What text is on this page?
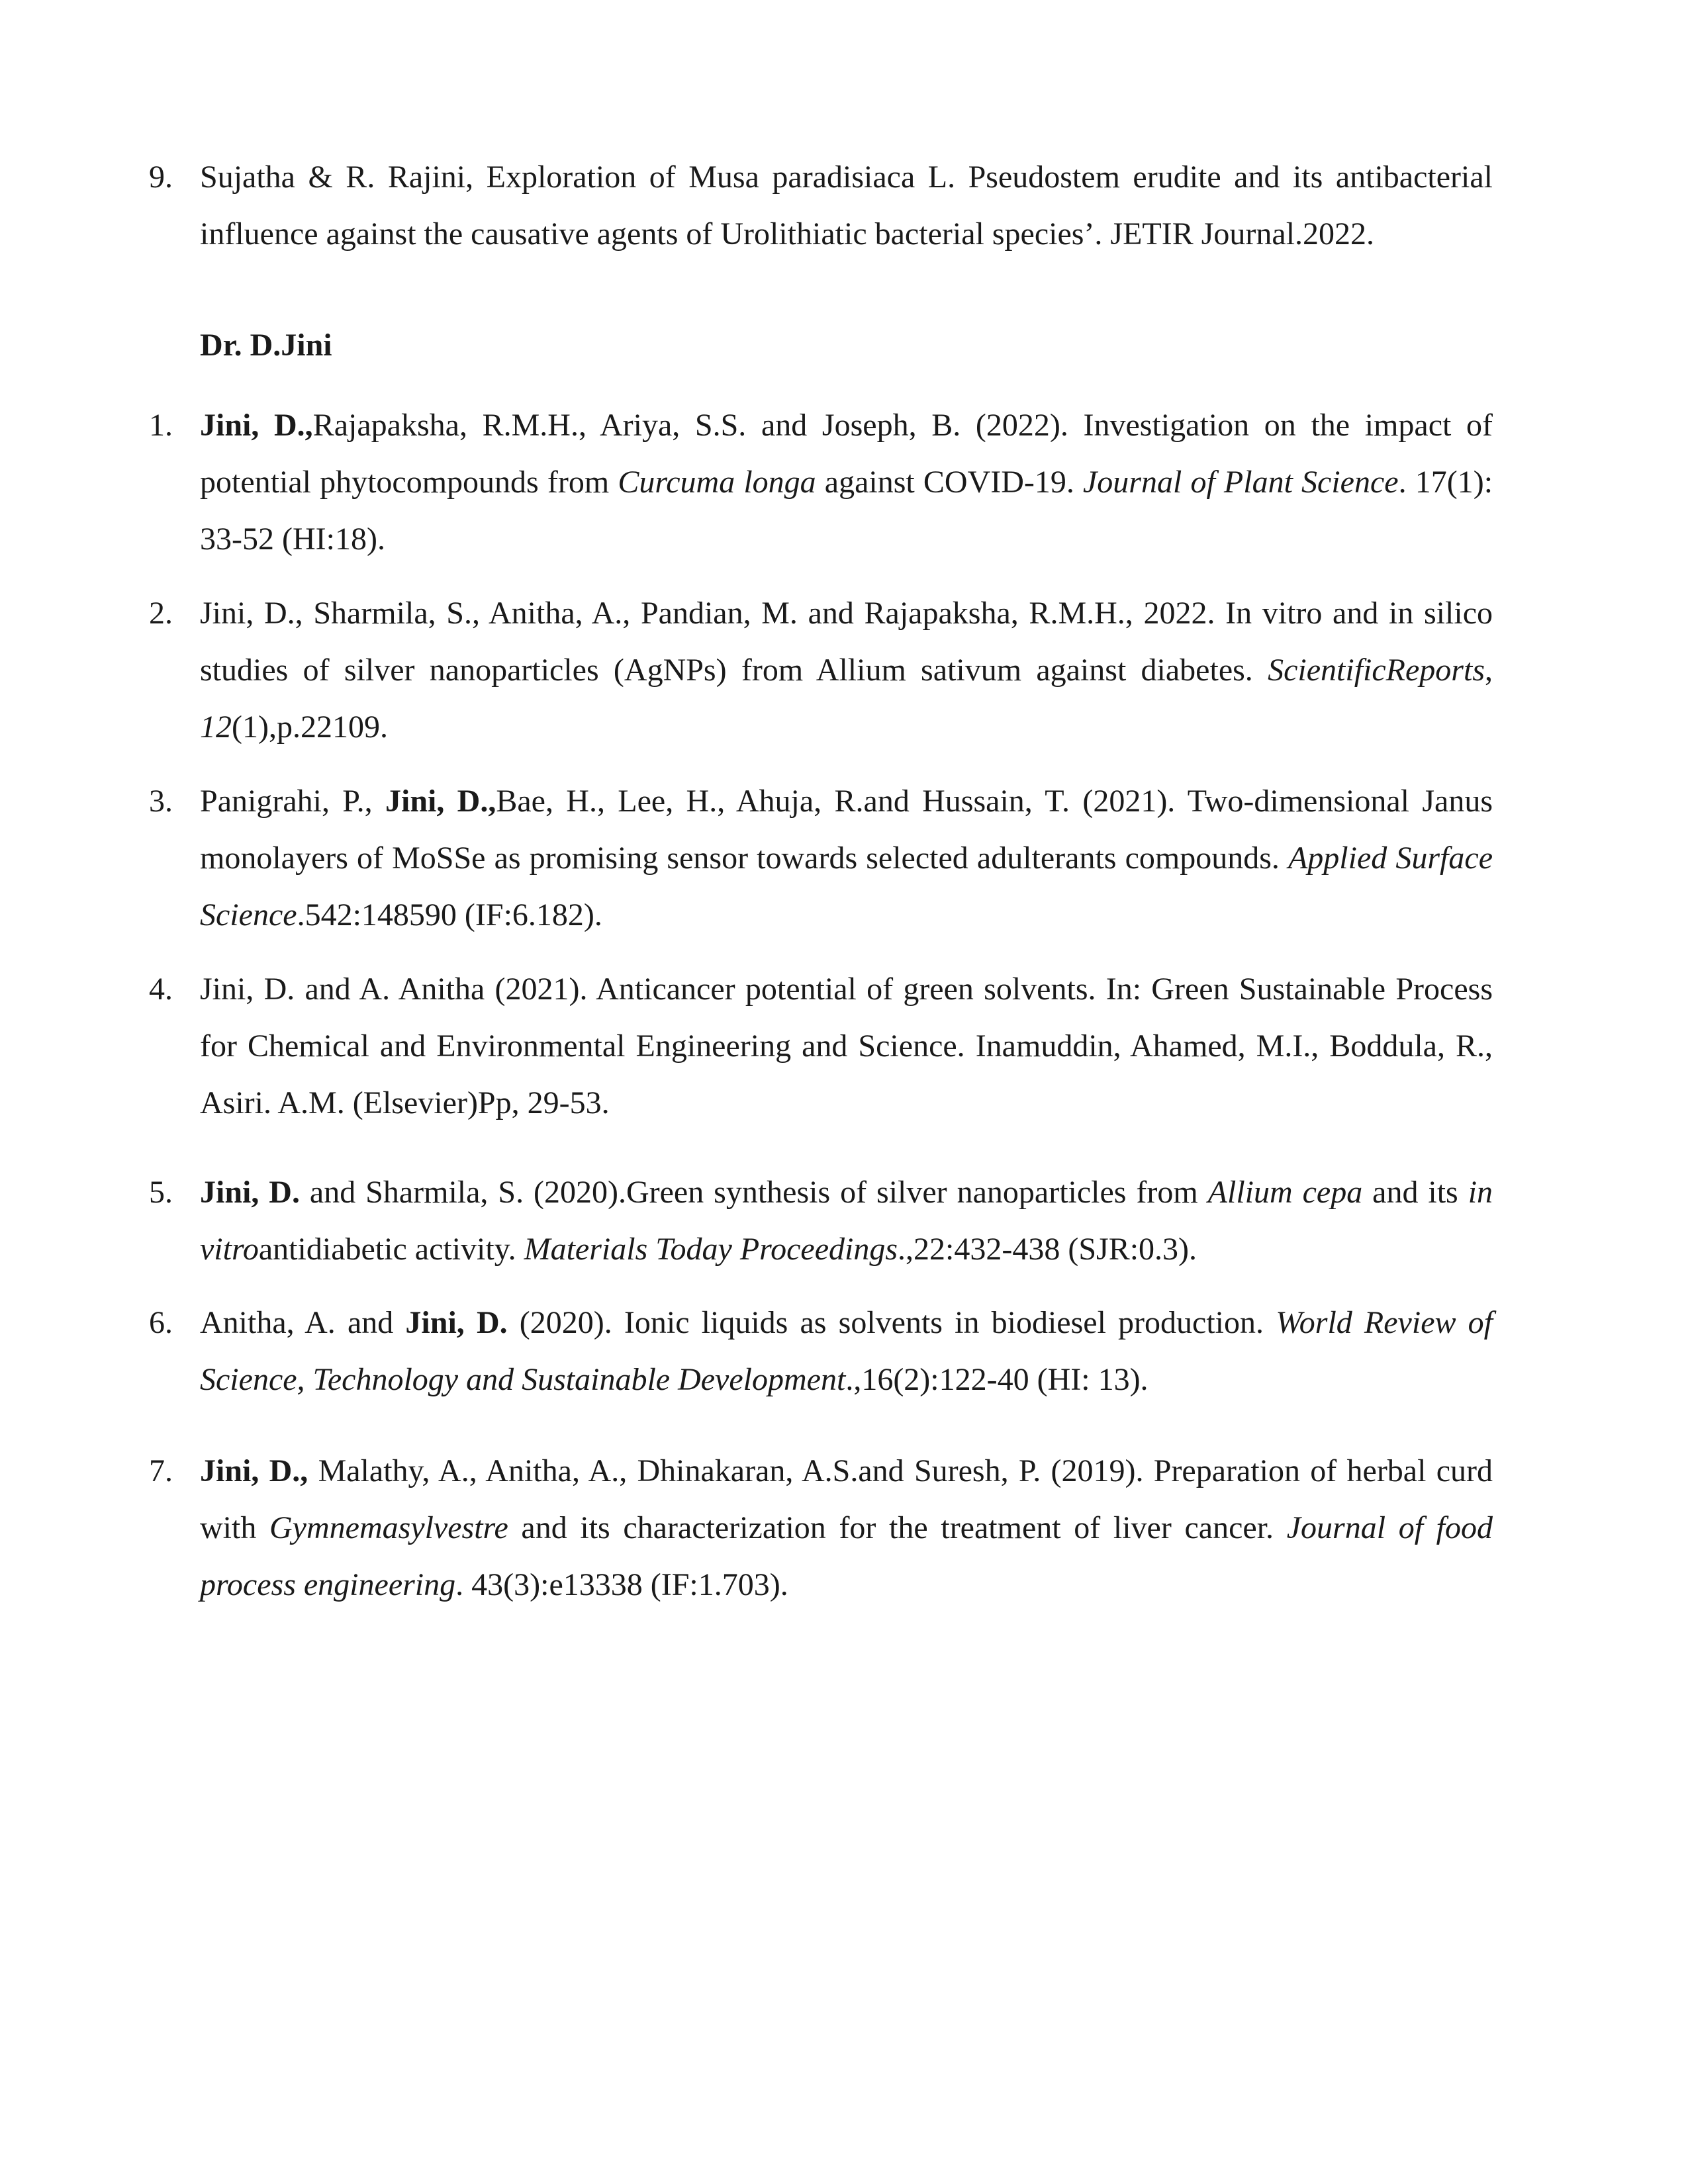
9. Sujatha & R. Rajini, Exploration of Musa paradisiaca L. Pseudostem erudite and its antibacterial influence against the causative agents of Urolithiatic bacterial species’. JETIR Journal.2022.
Dr. D.Jini
1. Jini, D.,Rajapaksha, R.M.H., Ariya, S.S. and Joseph, B. (2022). Investigation on the impact of potential phytocompounds from Curcuma longa against COVID-19. Journal of Plant Science. 17(1): 33-52 (HI:18).
2. Jini, D., Sharmila, S., Anitha, A., Pandian, M. and Rajapaksha, R.M.H., 2022. In vitro and in silico studies of silver nanoparticles (AgNPs) from Allium sativum against diabetes. ScientificReports, 12(1),p.22109.
3. Panigrahi, P., Jini, D.,Bae, H., Lee, H., Ahuja, R.and Hussain, T. (2021). Two-dimensional Janus monolayers of MoSSe as promising sensor towards selected adulterants compounds. Applied Surface Science.542:148590 (IF:6.182).
4. Jini, D. and A. Anitha (2021). Anticancer potential of green solvents. In: Green Sustainable Process for Chemical and Environmental Engineering and Science. Inamuddin, Ahamed, M.I., Boddula, R., Asiri. A.M. (Elsevier)Pp, 29-53.
5. Jini, D. and Sharmila, S. (2020).Green synthesis of silver nanoparticles from Allium cepa and its in vitroantidiabetic activity. Materials Today Proceedings.,22:432-438 (SJR:0.3).
6. Anitha, A. and Jini, D. (2020). Ionic liquids as solvents in biodiesel production. World Review of Science, Technology and Sustainable Development.,16(2):122-40 (HI: 13).
7. Jini, D., Malathy, A., Anitha, A., Dhinakaran, A.S.and Suresh, P. (2019). Preparation of herbal curd with Gymnemasylvestre and its characterization for the treatment of liver cancer. Journal of food process engineering. 43(3):e13338 (IF:1.703).
